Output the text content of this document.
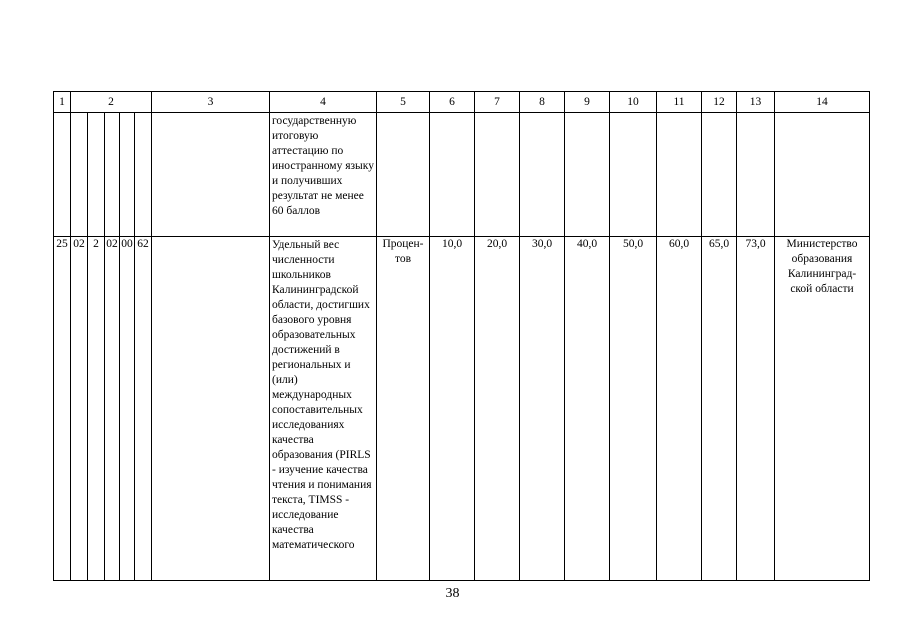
1	2					3	4	5	6	7	8	9	10	11	12	13	14
							государственную итоговую аттестацию по иностранному языку и получивших результат не менее 60 баллов										
25	02	2	02	00	62		Удельный вес численности школьников Калининградской области, достигших базового уровня образовательных достижений в региональных и (или) международных сопоставительных исследованиях качества образования (PIRLS - изучение качества чтения и понимания текста, TIMSS - исследование качества математического	Процен-тов	10,0	20,0	30,0	40,0	50,0	60,0	65,0	73,0	Министерство образования Калининград-ской области
38
